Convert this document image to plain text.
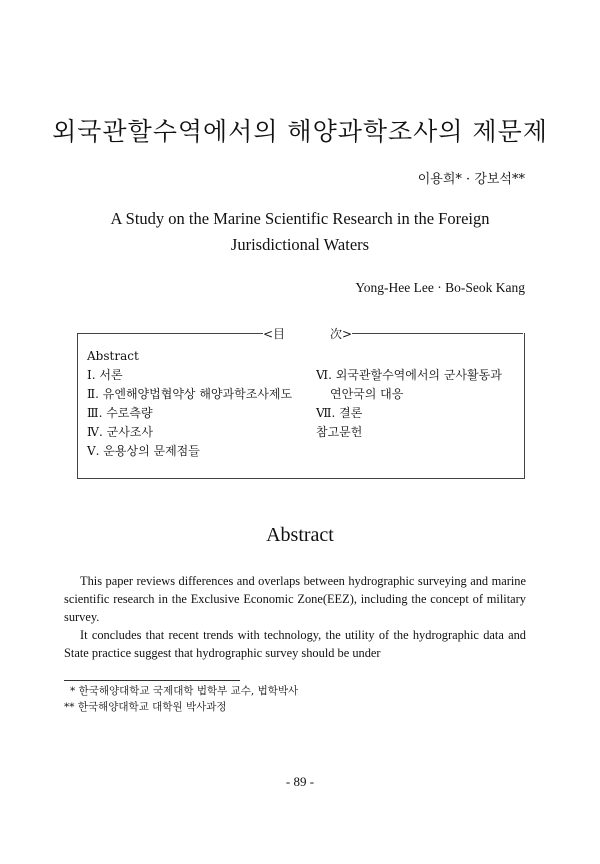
외국관할수역에서의 해양과학조사의 제문제
이용희* · 강보석**
A Study on the Marine Scientific Research in the Foreign Jurisdictional Waters
Yong-Hee Lee · Bo-Seok Kang
<目	次>
Abstract
Ⅰ. 서론
Ⅱ. 유엔해양법협약상 해양과학조사제도
Ⅲ. 수로측량
Ⅳ. 군사조사
Ⅴ. 운용상의 문제점들
Ⅵ. 외국관할수역에서의 군사활동과
연안국의 대응
Ⅶ. 결론
참고문헌
Abstract

This paper reviews differences and overlaps between hydrographic surveying and marine scientific research in the Exclusive Economic Zone(EEZ), including the concept of military survey.

It concludes that recent trends with technology, the utility of the hydrographic data and State practice suggest that hydrographic survey should be under

* 한국해양대학교 국제대학 법학부 교수, 법학박사
** 한국해양대학교 대학원 박사과정
- 89 -
